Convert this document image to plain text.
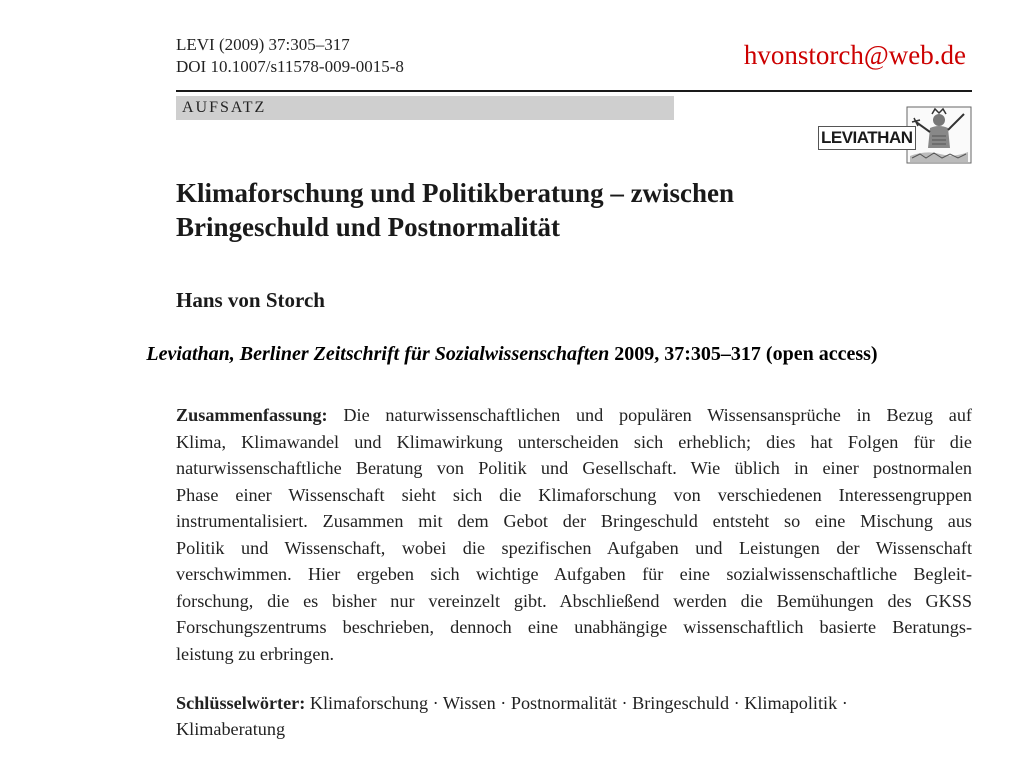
LEVI (2009) 37:305–317
DOI 10.1007/s11578-009-0015-8	hvonstorch@web.de
AUFSATZ
LEVIATHAN
Klimaforschung und Politikberatung – zwischen
Bringeschuld und Postnormalität
Hans von Storch
Leviathan, Berliner Zeitschrift für Sozialwissenschaften 2009, 37:305–317 (open access)
Zusammenfassung: Die naturwissenschaftlichen und populären Wissensansprüche in Bezug auf
Klima, Klimawandel und Klimawirkung unterscheiden sich erheblich; dies hat Folgen für die
naturwissenschaftliche Beratung von Politik und Gesellschaft. Wie üblich in einer postnormalen
Phase einer Wissenschaft sieht sich die Klimaforschung von verschiedenen Interessengruppen
instrumentalisiert. Zusammen mit dem Gebot der Bringeschuld entsteht so eine Mischung aus
Politik und Wissenschaft, wobei die spezifischen Aufgaben und Leistungen der Wissenschaft
verschwimmen. Hier ergeben sich wichtige Aufgaben für eine sozialwissenschaftliche Begleit-
forschung, die es bisher nur vereinzelt gibt. Abschließend werden die Bemühungen des GKSS
Forschungszentrums beschrieben, dennoch eine unabhängige wissenschaftlich basierte Beratungs-
leistung zu erbringen.
Schlüsselwörter: Klimaforschung · Wissen · Postnormalität · Bringeschuld · Klimapolitik ·
Klimaberatung
